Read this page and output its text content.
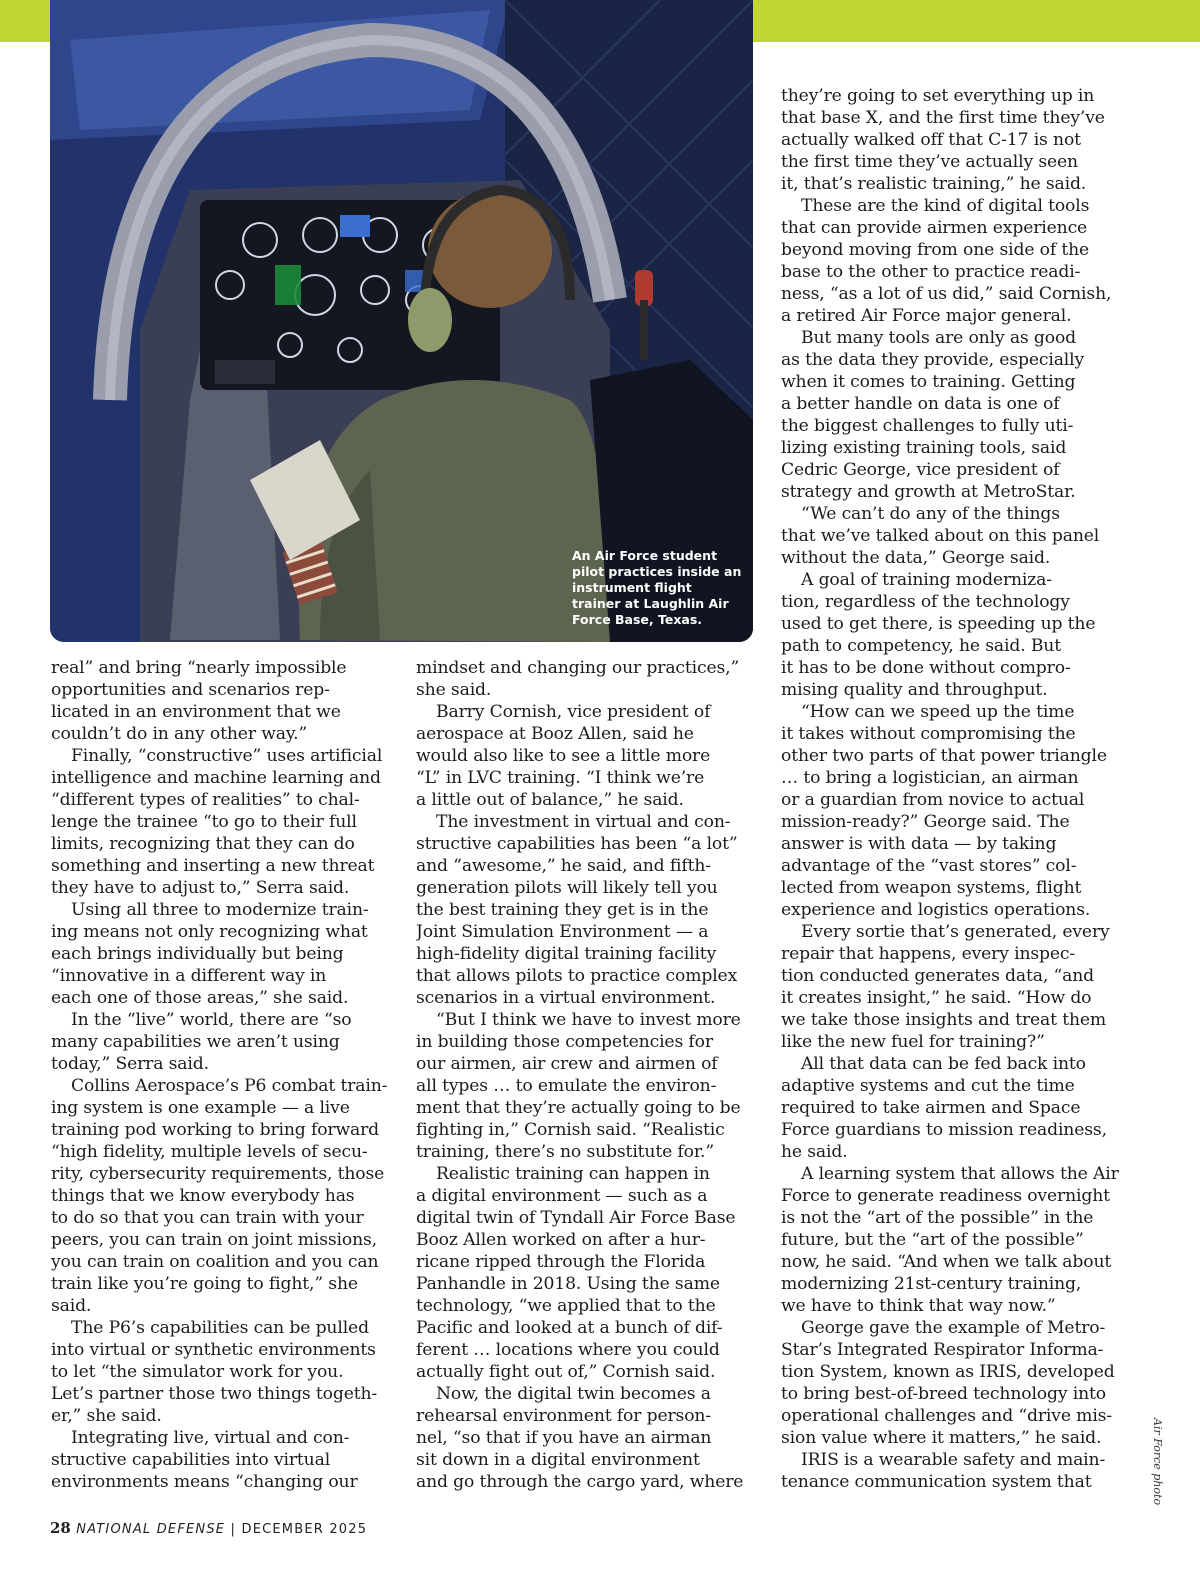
An Air Force student pilot practices inside an instrument flight trainer at Laughlin Air Force Base, Texas.
real” and bring “nearly impossible
opportunities and scenarios rep-
licated in an environment that we
couldn’t do in any other way.”
Finally, “constructive” uses artificial
intelligence and machine learning and
“different types of realities” to chal-
lenge the trainee “to go to their full
limits, recognizing that they can do
something and inserting a new threat
they have to adjust to,” Serra said.
Using all three to modernize train-
ing means not only recognizing what
each brings individually but being
“innovative in a different way in
each one of those areas,” she said.
In the “live” world, there are “so
many capabilities we aren’t using
today,” Serra said.
Collins Aerospace’s P6 combat train-
ing system is one example — a live
training pod working to bring forward
“high fidelity, multiple levels of secu-
rity, cybersecurity requirements, those
things that we know everybody has
to do so that you can train with your
peers, you can train on joint missions,
you can train on coalition and you can
train like you’re going to fight,” she
said.
The P6’s capabilities can be pulled
into virtual or synthetic environments
to let “the simulator work for you.
Let’s partner those two things togeth-
er,” she said.
Integrating live, virtual and con-
structive capabilities into virtual
environments means “changing our
mindset and changing our practices,”
she said.
Barry Cornish, vice president of
aerospace at Booz Allen, said he
would also like to see a little more
“L” in LVC training. “I think we’re
a little out of balance,” he said.
The investment in virtual and con-
structive capabilities has been “a lot”
and “awesome,” he said, and fifth-
generation pilots will likely tell you
the best training they get is in the
Joint Simulation Environment — a
high-fidelity digital training facility
that allows pilots to practice complex
scenarios in a virtual environment.
“But I think we have to invest more
in building those competencies for
our airmen, air crew and airmen of
all types … to emulate the environ-
ment that they’re actually going to be
fighting in,” Cornish said. “Realistic
training, there’s no substitute for.”
Realistic training can happen in
a digital environment — such as a
digital twin of Tyndall Air Force Base
Booz Allen worked on after a hur-
ricane ripped through the Florida
Panhandle in 2018. Using the same
technology, “we applied that to the
Pacific and looked at a bunch of dif-
ferent … locations where you could
actually fight out of,” Cornish said.
Now, the digital twin becomes a
rehearsal environment for person-
nel, “so that if you have an airman
sit down in a digital environment
and go through the cargo yard, where
they’re going to set everything up in
that base X, and the first time they’ve
actually walked off that C-17 is not
the first time they’ve actually seen
it, that’s realistic training,” he said.
These are the kind of digital tools
that can provide airmen experience
beyond moving from one side of the
base to the other to practice readi-
ness, “as a lot of us did,” said Cornish,
a retired Air Force major general.
But many tools are only as good
as the data they provide, especially
when it comes to training. Getting
a better handle on data is one of
the biggest challenges to fully uti-
lizing existing training tools, said
Cedric George, vice president of
strategy and growth at MetroStar.
“We can’t do any of the things
that we’ve talked about on this panel
without the data,” George said.
A goal of training moderniza-
tion, regardless of the technology
used to get there, is speeding up the
path to competency, he said. But
it has to be done without compro-
mising quality and throughput.
“How can we speed up the time
it takes without compromising the
other two parts of that power triangle
… to bring a logistician, an airman
or a guardian from novice to actual
mission-ready?” George said. The
answer is with data — by taking
advantage of the “vast stores” col-
lected from weapon systems, flight
experience and logistics operations.
Every sortie that’s generated, every
repair that happens, every inspec-
tion conducted generates data, “and
it creates insight,” he said. “How do
we take those insights and treat them
like the new fuel for training?”
All that data can be fed back into
adaptive systems and cut the time
required to take airmen and Space
Force guardians to mission readiness,
he said.
A learning system that allows the Air
Force to generate readiness overnight
is not the “art of the possible” in the
future, but the “art of the possible”
now, he said. “And when we talk about
modernizing 21st-century training,
we have to think that way now.”
George gave the example of Metro-
Star’s Integrated Respirator Informa-
tion System, known as IRIS, developed
to bring best-of-breed technology into
operational challenges and “drive mis-
sion value where it matters,” he said.
IRIS is a wearable safety and main-
tenance communication system that	Air Force photo
28 NATIONAL DEFENSE | DECEMBER 2025
